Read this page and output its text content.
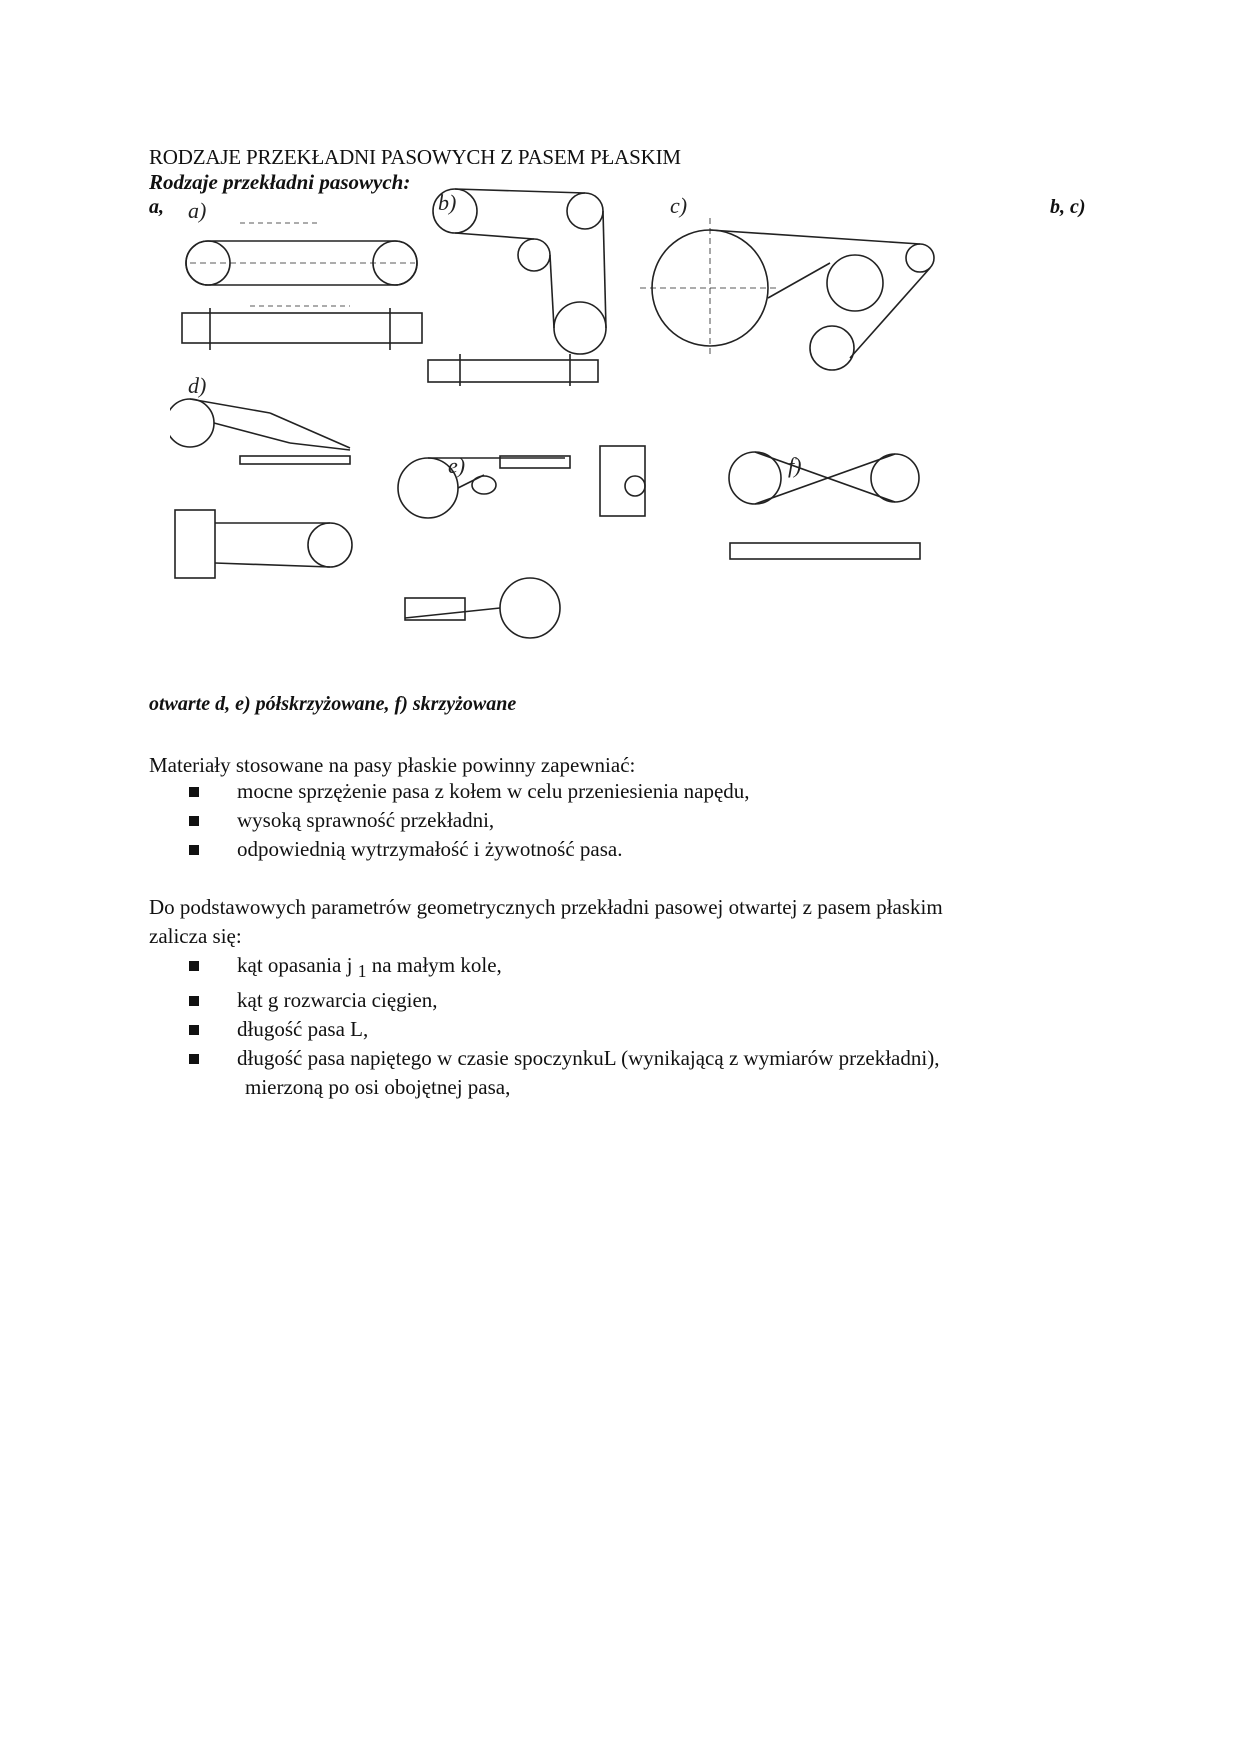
RODZAJE PRZEKŁADNI PASOWYCH Z PASEM PŁASKIM
Rodzaje przekładni pasowych:
a,	b, c)
a)	b)	c)
d)
e)	f)
otwarte d, e) półskrzyżowane, f) skrzyżowane
Materiały stosowane na pasy płaskie powinny zapewniać:
mocne sprzężenie pasa z kołem w celu przeniesienia napędu,
wysoką sprawność przekładni,
odpowiednią wytrzymałość i żywotność pasa.
Do podstawowych parametrów geometrycznych przekładni pasowej otwartej z pasem płaskim
zalicza się:
kąt opasania j $_1$ na małym kole,
kąt g rozwarcia cięgien,
długość pasa L,
długość pasa napiętego w czasie spoczynkuL (wynikającą z wymiarów przekładni),
mierzoną po osi obojętnej pasa,
